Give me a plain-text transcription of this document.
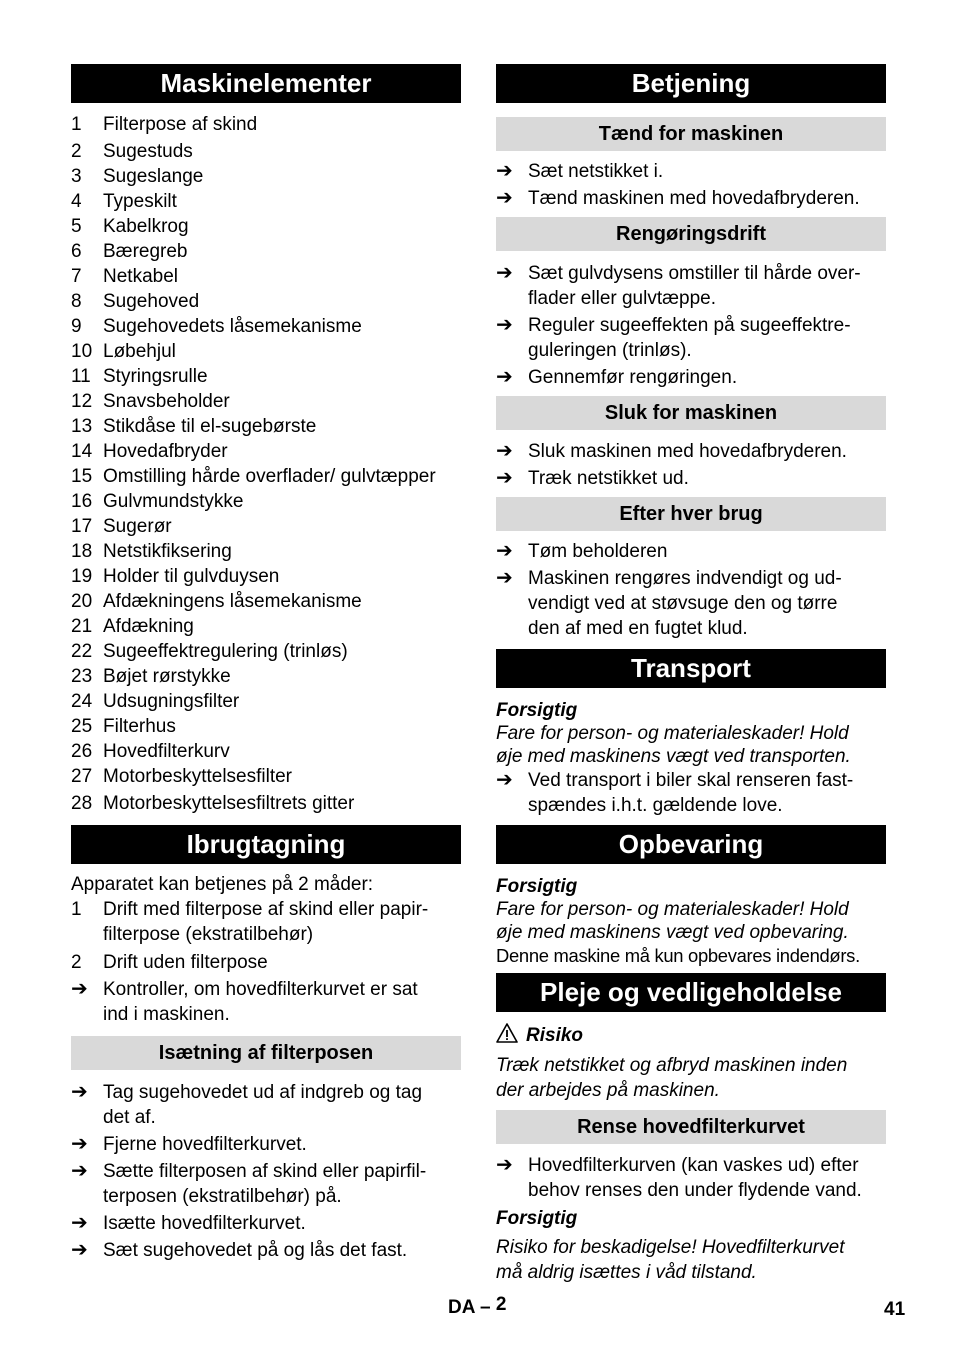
Maskinelementer
1	Filterpose af skind
2	Sugestuds
3	Sugeslange
4	Typeskilt
5	Kabelkrog
6	Bæregreb
7	Netkabel
8	Sugehoved
9	Sugehovedets låsemekanisme
10 Løbehjul
11 Styringsrulle
12 Snavsbeholder
13 Stikdåse til el-sugebørste
14 Hovedafbryder
15 Omstilling hårde overflader/ gulvtæpper
16 Gulvmundstykke
17 Sugerør
18 Netstikfiksering
19 Holder til gulvduysen
20 Afdækningens låsemekanisme
21 Afdækning
22 Sugeeffektregulering (trinløs)
23 Bøjet rørstykke
24 Udsugningsfilter
25 Filterhus
26 Hovedfilterkurv
27 Motorbeskyttelsesfilter
28 Motorbeskyttelsesfiltrets gitter
Ibrugtagning
Apparatet kan betjenes på 2 måder:
1	Drift med filterpose af skind eller papir-
filterpose (ekstratilbehør)
2	Drift uden filterpose
➔ Kontroller, om hovedfilterkurvet er sat
ind i maskinen.
Isætning af filterposen
➔ Tag sugehovedet ud af indgreb og tag
det af.
➔ Fjerne hovedfilterkurvet.
➔ Sætte filterposen af skind eller papirfil-
terposen (ekstratilbehør) på.
➔ Isætte hovedfilterkurvet.
➔ Sæt sugehovedet på og lås det fast.
Betjening
Tænd for maskinen
➔ Sæt netstikket i.
➔ Tænd maskinen med hovedafbryderen.
Rengøringsdrift
➔ Sæt gulvdysens omstiller til hårde over-
flader eller gulvtæppe.
➔ Reguler sugeeffekten på sugeeffektre-
guleringen (trinløs).
➔ Gennemfør rengøringen.
Sluk for maskinen
➔ Sluk maskinen med hovedafbryderen.
➔ Træk netstikket ud.
Efter hver brug
➔ Tøm beholderen
➔ Maskinen rengøres indvendigt og ud-
vendigt ved at støvsuge den og tørre
den af med en fugtet klud.
Transport
Forsigtig
Fare for person- og materialeskader! Hold
øje med maskinens vægt ved transporten.
➔ Ved transport i biler skal renseren fast-
spændes i.h.t. gældende love.
Opbevaring
Forsigtig
Fare for person- og materialeskader! Hold
øje med maskinens vægt ved opbevaring.
Denne maskine må kun opbevares indendørs.
Pleje og vedligeholdelse
Risiko
Træk netstikket og afbryd maskinen inden
der arbejdes på maskinen.
Rense hovedfilterkurvet
➔ Hovedfilterkurven (kan vaskes ud) efter
behov renses den under flydende vand.
Forsigtig
Risiko for beskadigelse! Hovedfilterkurvet
må aldrig isættes i våd tilstand.
DA – 2	41
